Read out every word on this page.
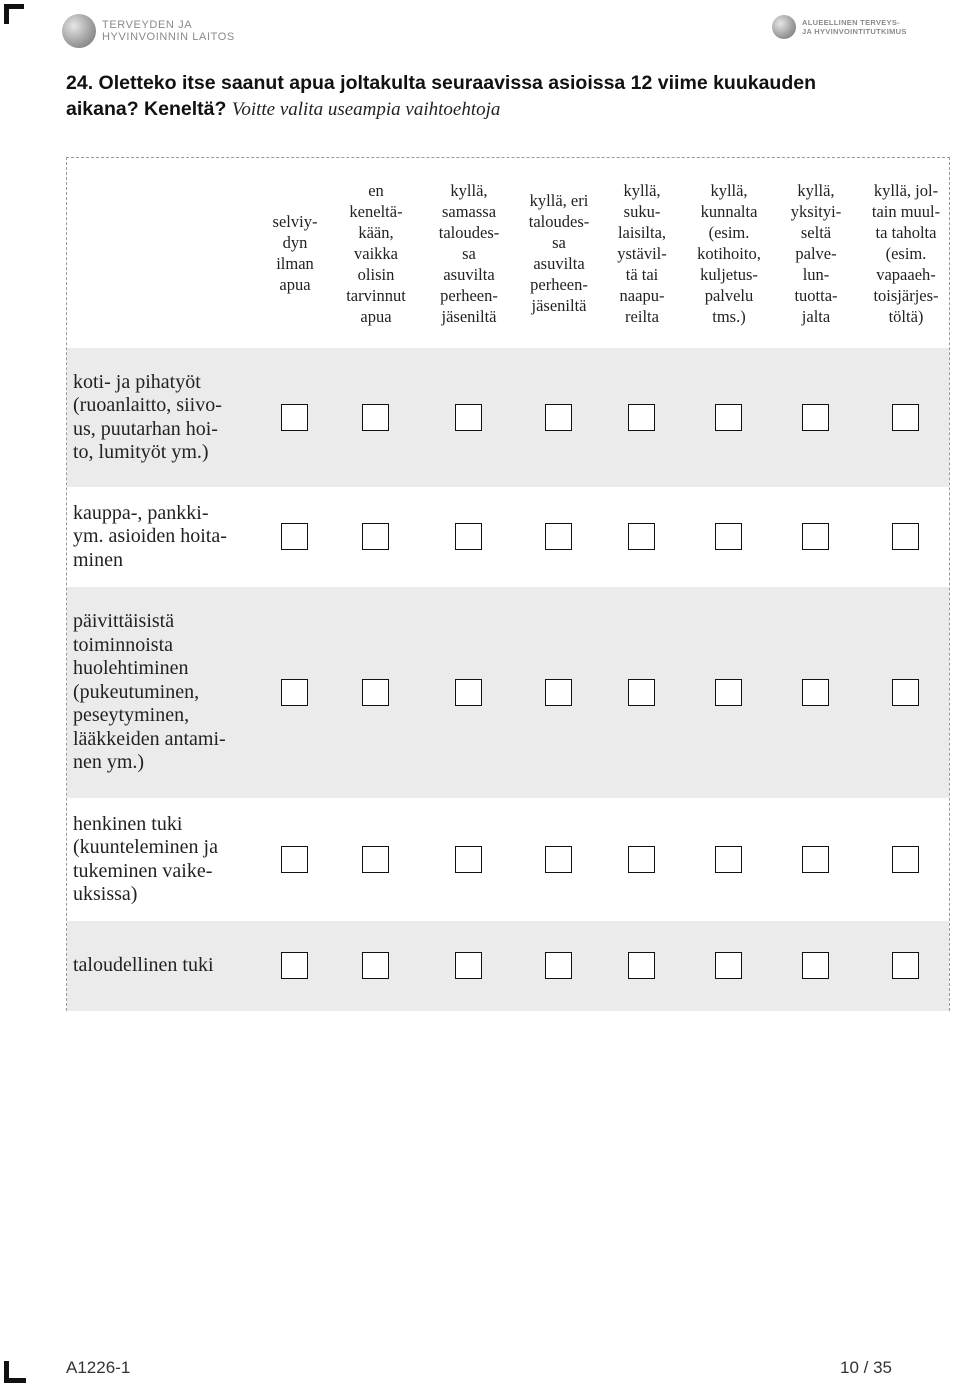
TERVEYDEN JA
HYVINVOINNIN LAITOS
ALUEELLINEN TERVEYS-
JA HYVINVOINTITUTKIMUS
24. Oletteko itse saanut apua joltakulta seuraavissa asioissa 12 viime kuukauden
aikana? Keneltä? Voitte valita useampia vaihtoehtoja
selviy-
dyn
ilman
apua
en
keneltä-
kään,
vaikka
olisin
tarvinnut
apua
kyllä,
samassa
taloudes-
sa
asuvilta
perheen-
jäseniltä
kyllä, eri
taloudes-
sa
asuvilta
perheen-
jäseniltä
kyllä,
suku-
laisilta,
ystävil-
tä tai
naapu-
reilta
kyllä,
kunnalta
(esim.
kotihoito,
kuljetus-
palvelu
tms.)
kyllä,
yksityi-
seltä
palve-
lun-
tuotta-
jalta
kyllä, jol-
tain muul-
ta taholta
(esim.
vapaaeh-
toisjärjes-
töltä)
koti- ja pihatyöt
(ruoanlaitto, siivo-
us, puutarhan hoi-
to, lumityöt ym.)
kauppa-, pankki-
ym. asioiden hoita-
minen
päivittäisistä
toiminnoista
huolehtiminen
(pukeutuminen,
peseytyminen,
lääkkeiden antami-
nen ym.)
henkinen tuki
(kuunteleminen ja
tukeminen vaike-
uksissa)
taloudellinen tuki
A1226-1	10 / 35
